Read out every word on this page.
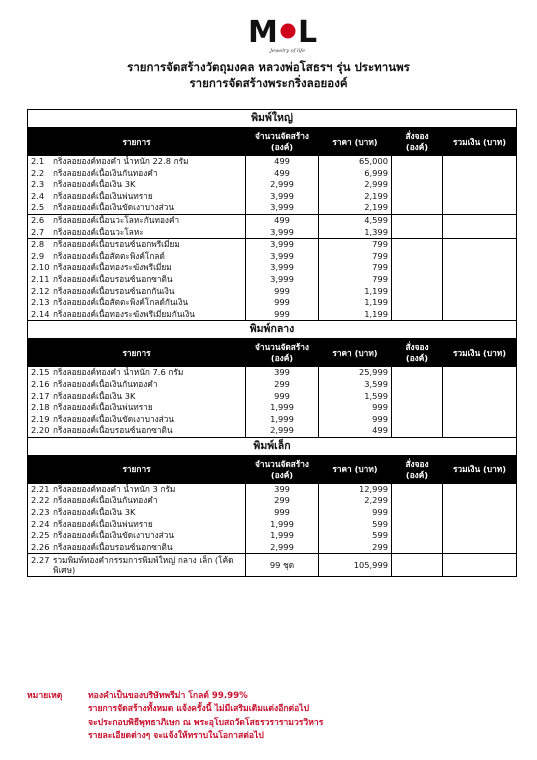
M L
Jewelry of life
รายการจัดสร้างวัตถุมงคล หลวงพ่อโสธรฯ รุ่น ประทานพร
รายการจัดสร้างพระกริ่งลอยองค์
พิมพ์ใหญ่				
รายการ	จำนวนจัดสร้าง (องค์)	ราคา (บาท)	สั่งจอง (องค์)	รวมเงิน (บาท)
2.1 กริ่งลอยองค์ทองคำ น้ำหนัก 22.8 กรัม	499	65,000		
2.2 กริ่งลอยองค์เนื้อเงินกันทองคำ	499	6,999		
2.3 กริ่งลอยองค์เนื้อเงิน 3K	2,999	2,999		
2.4 กริ่งลอยองค์เนื้อเงินพ่นทราย	3,999	2,199		
2.5 กริ่งลอยองค์เนื้อเงินขัดเงาบางส่วน	3,999	2,199		
2.6 กริ่งลอยองค์เนื้อนวะโลหะกันทองคำ	499	4,599		
2.7 กริ่งลอยองค์เนื้อนวะโลหะ	3,999	1,399		
2.8 กริ่งลอยองค์เนื้อบรอนซ์นอกพรีเมี่ยม	3,999	799		
2.9 กริ่งลอยองค์เนื้อสัตตะพิงค์โกลด์	3,999	799		
2.10 กริ่งลอยองค์เนื้อทองระฆังพรีเมี่ยม	3,999	799		
2.11 กริ่งลอยองค์เนื้อบรอนซ์นอกซาติน	3,999	799		
2.12 กริ่งลอยองค์เนื้อบรอนซ์นอกกันเงิน	999	1,199		
2.13 กริ่งลอยองค์เนื้อสัตตะพิงค์โกลด์กันเงิน	999	1,199		
2.14 กริ่งลอยองค์เนื้อทองระฆังพรีเมี่ยมกันเงิน	999	1,199		
พิมพ์กลาง				
รายการ	จำนวนจัดสร้าง (องค์)	ราคา (บาท)	สั่งจอง (องค์)	รวมเงิน (บาท)
2.15 กริ่งลอยองค์ทองคำ น้ำหนัก 7.6 กรัม	399	25,999		
2.16 กริ่งลอยองค์เนื้อเงินกันทองคำ	299	3,599		
2.17 กริ่งลอยองค์เนื้อเงิน 3K	999	1,599		
2.18 กริ่งลอยองค์เนื้อเงินพ่นทราย	1,999	999		
2.19 กริ่งลอยองค์เนื้อเงินขัดเงาบางส่วน	1,999	999		
2.20 กริ่งลอยองค์เนื้อบรอนซ์นอกซาติน	2,999	499		
พิมพ์เล็ก				
รายการ	จำนวนจัดสร้าง (องค์)	ราคา (บาท)	สั่งจอง (องค์)	รวมเงิน (บาท)
2.21 กริ่งลอยองค์ทองคำ น้ำหนัก 3 กรัม	399	12,999		
2.22 กริ่งลอยองค์เนื้อเงินกันทองคำ	299	2,299		
2.23 กริ่งลอยองค์เนื้อเงิน 3K	999	999		
2.24 กริ่งลอยองค์เนื้อเงินพ่นทราย	1,999	599		
2.25 กริ่งลอยองค์เนื้อเงินขัดเงาบางส่วน	1,999	599		
2.26 กริ่งลอยองค์เนื้อบรอนซ์นอกซาติน	2,999	299		
2.27 รวมพิมพ์ทองคำกรรมการพิมพ์ใหญ่ กลาง เล็ก (โค้ดพิเศษ)	99 ชุด	105,999		
หมายเหตุ	ทองคำเป็นของบริษัทพรีม่า โกลด์ 99.99%
รายการจัดสร้างทั้งหมด แจ้งครั้งนี้ ไม่มีเสริมเติมแต่งอีกต่อไป
จะประกอบพิธีพุทธาภิเษก ณ พระอุโบสถวัดโสธรวรารามวรวิหาร
รายละเอียดต่างๆ จะแจ้งให้ทราบในโอกาสต่อไป
